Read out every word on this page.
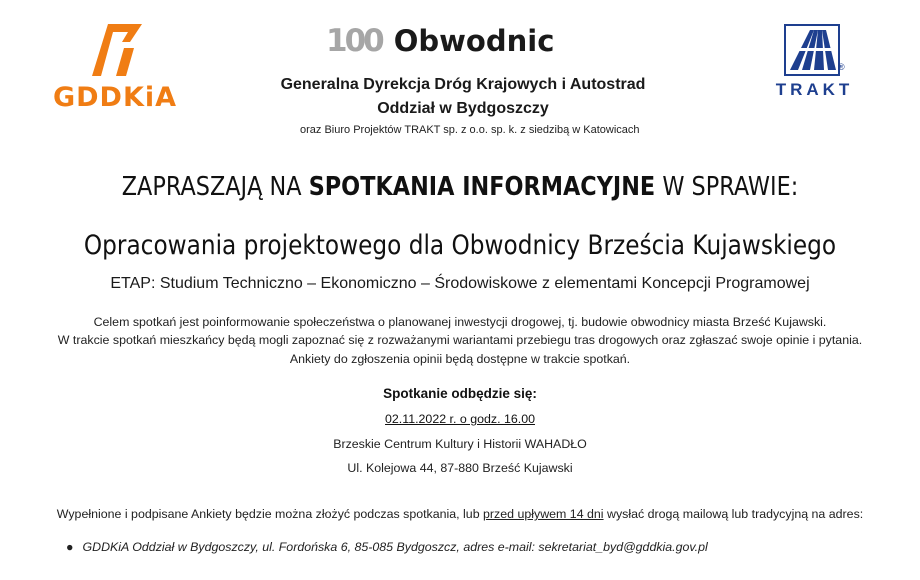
GDDKiA
®
TRAKT
100 Obwodnic
Generalna Dyrekcja Dróg Krajowych i Autostrad
Oddział w Bydgoszczy
oraz Biuro Projektów TRAKT sp. z o.o. sp. k. z siedzibą w Katowicach
ZAPRASZAJĄ NA SPOTKANIA INFORMACYJNE W SPRAWIE:
Opracowania projektowego dla Obwodnicy Brześcia Kujawskiego
ETAP: Studium Techniczno – Ekonomiczno – Środowiskowe z elementami Koncepcji Programowej
Celem spotkań jest poinformowanie społeczeństwa o planowanej inwestycji drogowej, tj. budowie obwodnicy miasta Brześć Kujawski.
W trakcie spotkań mieszkańcy będą mogli zapoznać się z rozważanymi wariantami przebiegu tras drogowych oraz zgłaszać swoje opinie i pytania.
Ankiety do zgłoszenia opinii będą dostępne w trakcie spotkań.
Spotkanie odbędzie się:
02.11.2022 r. o godz. 16.00
Brzeskie Centrum Kultury i Historii WAHADŁO
Ul. Kolejowa 44, 87-880 Brześć Kujawski
Wypełnione i podpisane Ankiety będzie można złożyć podczas spotkania, lub przed upływem 14 dni wysłać drogą mailową lub tradycyjną na adres:
● GDDKiA Oddział w Bydgoszczy, ul. Fordońska 6, 85-085 Bydgoszcz, adres e-mail: sekretariat_byd@gddkia.gov.pl
